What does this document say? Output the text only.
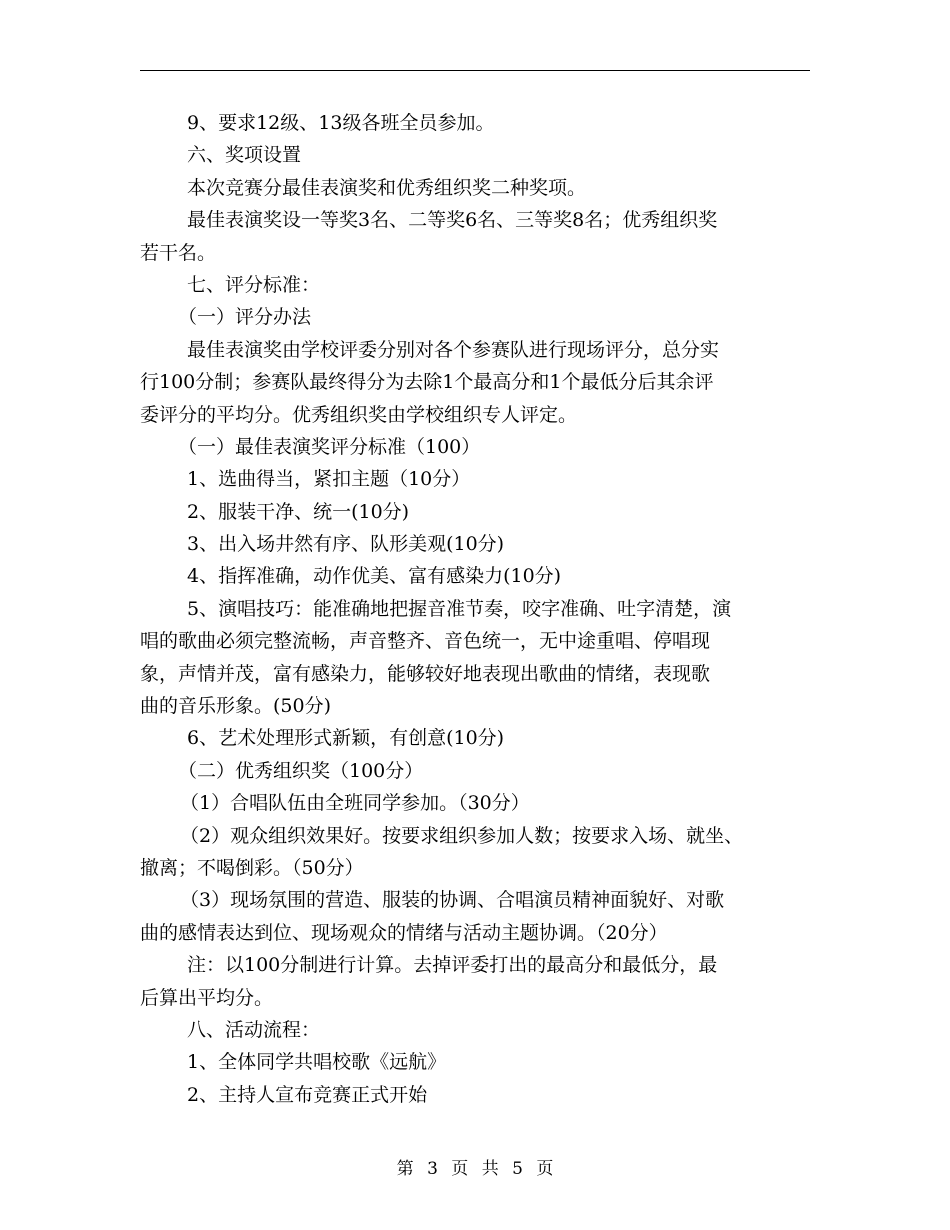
9、要求12级、13级各班全员参加。
六、奖项设置
本次竞赛分最佳表演奖和优秀组织奖二种奖项。
最佳表演奖设一等奖3名、二等奖6名、三等奖8名；优秀组织奖
若干名。
七、评分标准：
（一）评分办法
最佳表演奖由学校评委分别对各个参赛队进行现场评分，总分实
行100分制；参赛队最终得分为去除1个最高分和1个最低分后其余评
委评分的平均分。优秀组织奖由学校组织专人评定。
（一）最佳表演奖评分标准（100）
1、选曲得当，紧扣主题（10分）
2、服装干净、统一(10分)
3、出入场井然有序、队形美观(10分)
4、指挥准确，动作优美、富有感染力(10分)
5、演唱技巧：能准确地把握音准节奏，咬字准确、吐字清楚，演
唱的歌曲必须完整流畅，声音整齐、音色统一，无中途重唱、停唱现
象，声情并茂，富有感染力，能够较好地表现出歌曲的情绪，表现歌
曲的音乐形象。(50分)
6、艺术处理形式新颖，有创意(10分)
（二）优秀组织奖（100分）
（1）合唱队伍由全班同学参加。（30分）
（2）观众组织效果好。按要求组织参加人数；按要求入场、就坐、
撤离；不喝倒彩。（50分）
（3）现场氛围的营造、服装的协调、合唱演员精神面貌好、对歌
曲的感情表达到位、现场观众的情绪与活动主题协调。（20分）
注：以100分制进行计算。去掉评委打出的最高分和最低分，最
后算出平均分。
八、活动流程：
1、全体同学共唱校歌《远航》
2、主持人宣布竞赛正式开始
第 3 页 共 5 页
